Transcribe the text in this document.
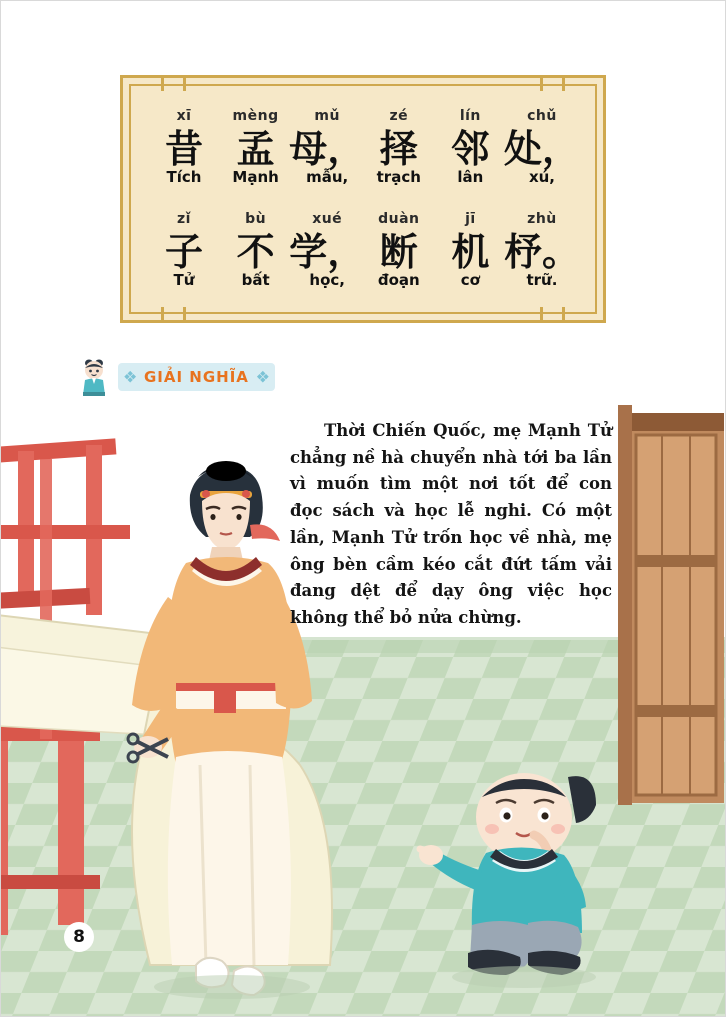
xī
昔
Tích
mèng
孟
Mạnh
mǔ
母，
mẫu,
zé
择
trạch
lín
邻
lân
chǔ
处，
xú,
zǐ
子
Tử
bù
不
bất
xué
学，
học,
duàn
断
đoạn
jī
机
cơ
zhù
杼。
trữ.
❖ GIẢI NGHĨA ❖
8
Thời Chiến Quốc, mẹ Mạnh Tử chẳng nề hà chuyển nhà tới ba lần vì muốn tìm một nơi tốt để con đọc sách và học lễ nghi. Có một lần, Mạnh Tử trốn học về nhà, mẹ ông bèn cầm kéo cắt đứt tấm vải đang dệt để dạy ông việc học không thể bỏ nửa chừng.
